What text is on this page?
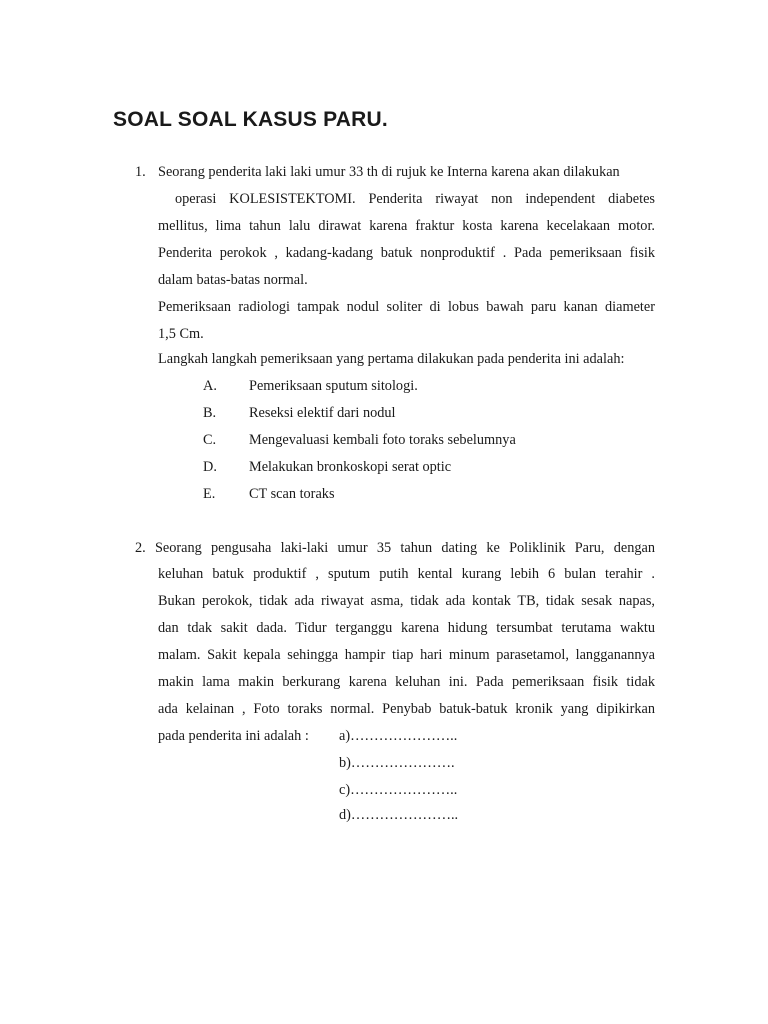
SOAL SOAL KASUS PARU.
1. Seorang penderita laki laki umur 33 th di rujuk ke Interna karena akan dilakukan
operasi KOLESISTEKTOMI. Penderita riwayat non independent diabetes
mellitus, lima tahun lalu dirawat karena fraktur kosta karena kecelakaan motor.
Penderita perokok , kadang-kadang batuk nonproduktif . Pada pemeriksaan fisik
dalam batas-batas normal.
Pemeriksaan radiologi tampak nodul soliter di lobus bawah paru kanan diameter
1,5 Cm.
Langkah langkah pemeriksaan yang pertama dilakukan pada penderita ini adalah:
A. Pemeriksaan sputum sitologi.
B. Reseksi elektif dari nodul
C. Mengevaluasi kembali foto toraks sebelumnya
D. Melakukan bronkoskopi serat optic
E. CT scan toraks
2. Seorang pengusaha laki-laki umur 35 tahun dating ke Poliklinik Paru, dengan
keluhan batuk produktif , sputum putih kental kurang lebih 6 bulan terahir .
Bukan perokok, tidak ada riwayat asma, tidak ada kontak TB, tidak sesak napas,
dan tdak sakit dada. Tidur terganggu karena hidung tersumbat terutama waktu
malam. Sakit kepala sehingga hampir tiap hari minum parasetamol, langganannya
makin lama makin berkurang karena keluhan ini. Pada pemeriksaan fisik tidak
ada kelainan , Foto toraks normal. Penybab batuk-batuk kronik yang dipikirkan
pada penderita ini adalah : a)…………………..
b)………………….
c)…………………..
d)…………………..
